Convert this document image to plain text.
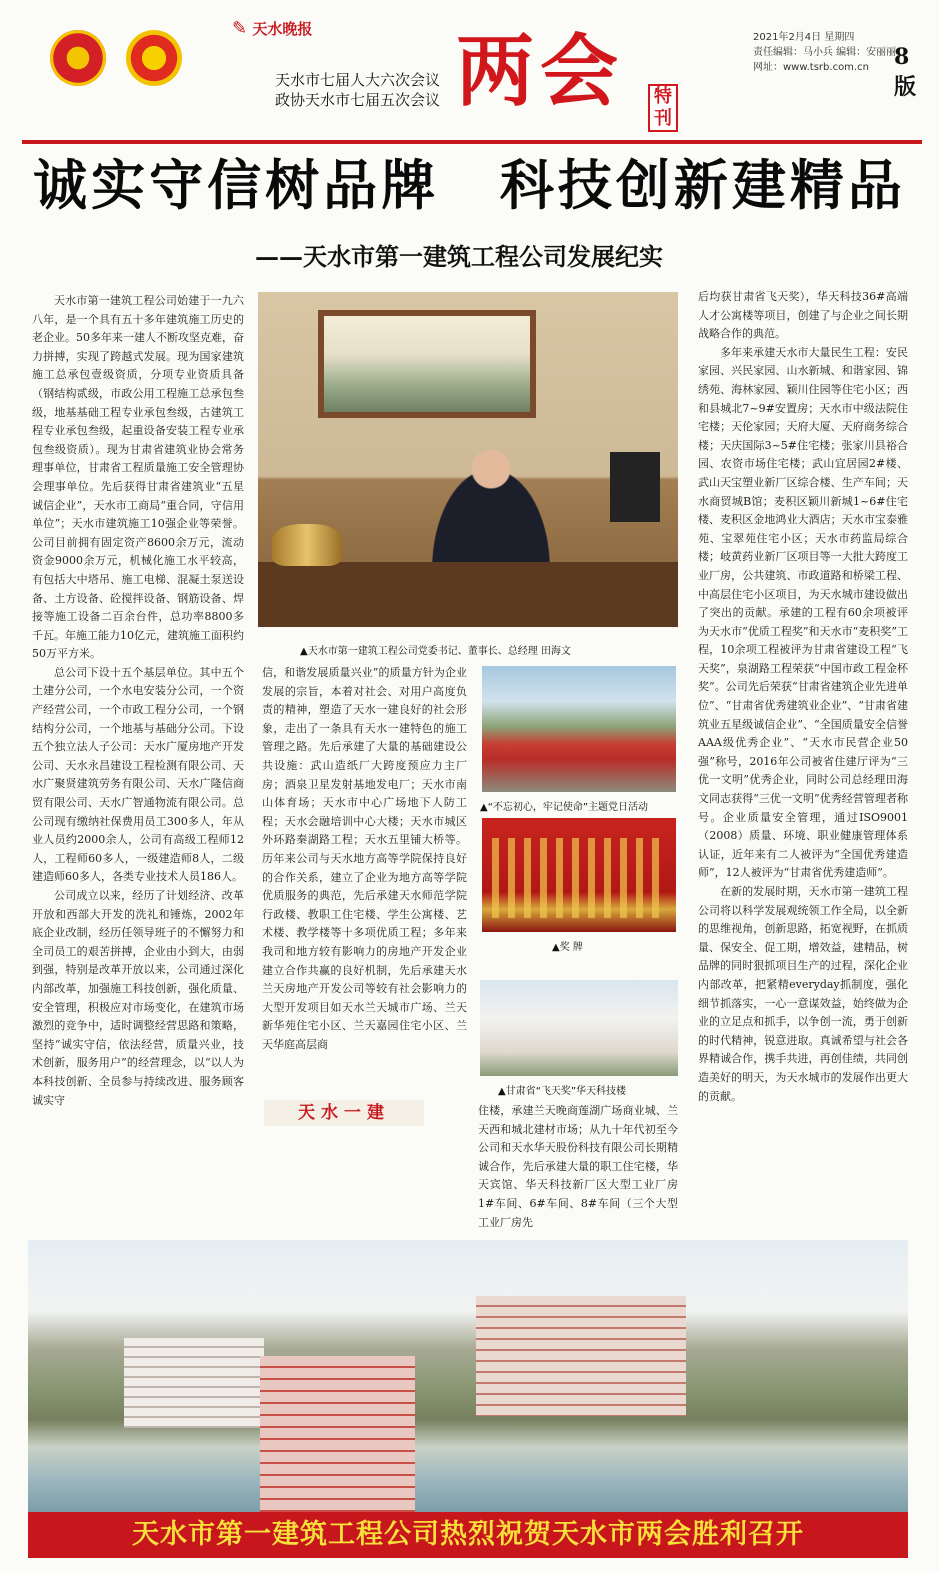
✎ 天水晚报
天水市七届人大六次会议
政协天水市七届五次会议 两会	特刊
2021年2月4日 星期四
责任编辑：马小兵 编辑：安丽丽
网址：www.tsrb.com.cn	8版
诚实守信树品牌 科技创新建精品
——天水市第一建筑工程公司发展纪实

天水市第一建筑工程公司始建于一九六八年，是一个具有五十多年建筑施工历史的老企业。50多年来一建人不断攻坚克难，奋力拼搏，实现了跨越式发展。现为国家建筑施工总承包壹级资质，分项专业资质具备（钢结构贰级，市政公用工程施工总承包叁级，地基基础工程专业承包叁级，古建筑工程专业承包叁级，起重设备安装工程专业承包叁级资质）。现为甘肃省建筑业协会常务理事单位，甘肃省工程质量施工安全管理协会理事单位。先后获得甘肃省建筑业“五星诚信企业”，天水市工商局“重合同，守信用单位”；天水市建筑施工10强企业等荣誉。公司目前拥有固定资产8600余万元，流动资金9000余万元，机械化施工水平较高，有包括大中塔吊、施工电梯、混凝土泵送设备、土方设备、砼搅拌设备、钢筋设备、焊接等施工设备二百余台件，总功率8800多千瓦。年施工能力10亿元，建筑施工面积约50万平方米。

总公司下设十五个基层单位。其中五个土建分公司，一个水电安装分公司，一个资产经营公司，一个市政工程分公司，一个钢结构分公司，一个地基与基础分公司。下设五个独立法人子公司：天水广厦房地产开发公司、天水永昌建设工程检测有限公司、天水广聚贤建筑劳务有限公司、天水广隆信商贸有限公司、天水广智通物流有限公司。总公司现有缴纳社保费用员工300多人，年从业人员约2000余人，公司有高级工程师12人，工程师60多人，一级建造师8人，二级建造师60多人，各类专业技术人员186人。

公司成立以来，经历了计划经济、改革开放和西部大开发的洗礼和锤炼，2002年底企业改制，经历任领导班子的不懈努力和全司员工的艰苦拼搏，企业由小到大，由弱到强，特别是改革开放以来，公司通过深化内部改革，加强施工科技创新，强化质量、安全管理，积极应对市场变化，在建筑市场激烈的竞争中，适时调整经营思路和策略，坚持“诚实守信，依法经营，质量兴业，技术创新，服务用户”的经营理念，以“以人为本科技创新、全员参与持续改进、服务顾客诚实守

▲天水市第一建筑工程公司党委书记、董事长、总经理 田海文

信，和谐发展质量兴业”的质量方针为企业发展的宗旨，本着对社会、对用户高度负责的精神，塑造了天水一建良好的社会形象，走出了一条具有天水一建特色的施工管理之路。先后承建了大量的基础建设公共设施：武山造纸厂大跨度预应力主厂房；酒泉卫星发射基地发电厂；天水市南山体育场；天水市中心广场地下人防工程；天水会融培训中心大楼；天水市城区外环路秦湖路工程；天水五里铺大桥等。历年来公司与天水地方高等学院保持良好的合作关系，建立了企业为地方高等学院优质服务的典范，先后承建天水师范学院行政楼、教职工住宅楼、学生公寓楼、艺术楼、教学楼等十多项优质工程；多年来我司和地方较有影响力的房地产开发企业建立合作共赢的良好机制，先后承建天水兰天房地产开发公司等较有社会影响力的大型开发项目如天水兰天城市广场、兰天新华苑住宅小区、兰天嘉园住宅小区、兰天华庭高层商

▲“不忘初心，牢记使命”主题党日活动
▲奖 牌
▲甘肃省“飞天奖”华天科技楼

住楼，承建兰天晚商莲湖广场商业城、兰天西和城北建材市场；从九十年代初至今公司和天水华天股份科技有限公司长期精诚合作，先后承建大量的职工住宅楼，华天宾馆、华天科技新厂区大型工业厂房1#车间、6#车间、8#车间（三个大型工业厂房先

后均获甘肃省飞天奖），华天科技36#高端人才公寓楼等项目，创建了与企业之间长期战略合作的典范。

多年来承建天水市大量民生工程：安民家园、兴民家园、山水新城、和谐家园、锦绣苑、海林家园、颖川住园等住宅小区；西和县城北7~9#安置房；天水市中级法院住宅楼；天伦家园；天府大厦、天府商务综合楼；天庆国际3~5#住宅楼；张家川县裕合园、农资市场住宅楼；武山宜居园2#楼、武山天宝塑业新厂区综合楼、生产车间；天水商贸城B馆；麦积区颖川新城1~6#住宅楼、麦积区金地鸿业大酒店；天水市宝泰雅苑、宝翠苑住宅小区；天水市药监局综合楼；岐黄药业新厂区项目等一大批大跨度工业厂房，公共建筑、市政道路和桥梁工程、中高层住宅小区项目，为天水城市建设做出了突出的贡献。承建的工程有60余项被评为天水市“优质工程奖”和天水市“麦积奖”工程，10余项工程被评为甘肃省建设工程“飞天奖”，泉湖路工程荣获“中国市政工程金杯奖”。公司先后荣获“甘肃省建筑企业先进单位”、“甘肃省优秀建筑业企业”、“甘肃省建筑业五星级诚信企业”、“全国质量安全信誉AAA级优秀企业”、“天水市民营企业50强”称号，2016年公司被省住建厅评为“三优一文明”优秀企业，同时公司总经理田海文同志获得“三优一文明”优秀经营管理者称号。企业质量安全管理，通过ISO9001（2008）质量、环境、职业健康管理体系认证，近年来有二人被评为“全国优秀建造师”，12人被评为“甘肃省优秀建造师”。

在新的发展时期，天水市第一建筑工程公司将以科学发展观统领工作全局，以全新的思维视角，创新思路，拓宽视野，在抓质量、保安全、促工期，增效益，建精品，树品牌的同时狠抓项目生产的过程，深化企业内部改革，把紧精everyday抓制度，强化细节抓落实，一心一意谋效益，始终做为企业的立足点和抓手，以争创一流，勇于创新的时代精神，锐意进取。真诚希望与社会各界精诚合作，携手共进，再创佳绩，共同创造美好的明天，为天水城市的发展作出更大的贡献。

天水一建
天水市第一建筑工程公司热烈祝贺天水市两会胜利召开
